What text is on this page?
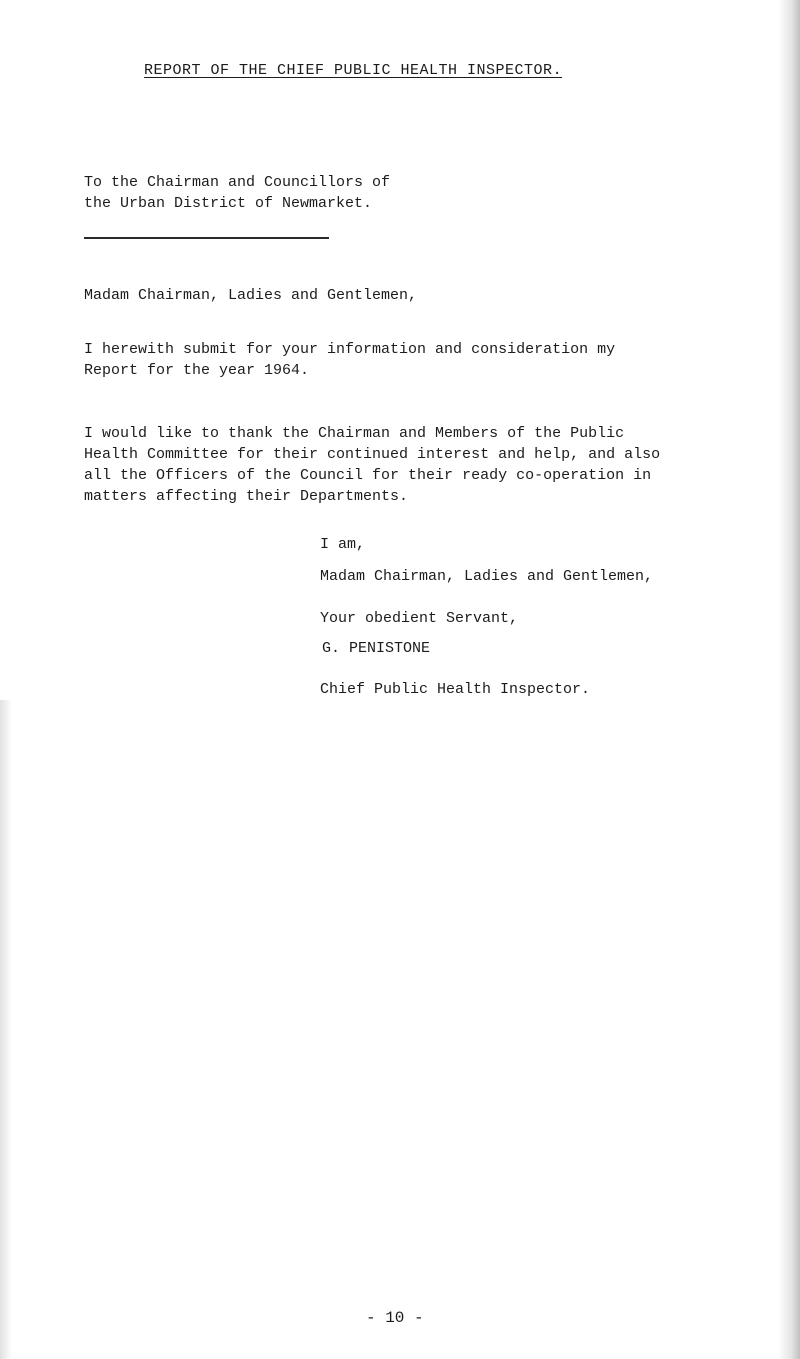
REPORT OF THE CHIEF PUBLIC HEALTH INSPECTOR.
To the Chairman and Councillors of
the Urban District of Newmarket.
Madam Chairman, Ladies and Gentlemen,
I herewith submit for your information and consideration my
Report for the year 1964.
I would like to thank the Chairman and Members of the Public
Health Committee for their continued interest and help, and also
all the Officers of the Council for their ready co-operation in
matters affecting their Departments.
I am,
Madam Chairman, Ladies and Gentlemen,
Your obedient Servant,
G. PENISTONE
Chief Public Health Inspector.
- 10 -
